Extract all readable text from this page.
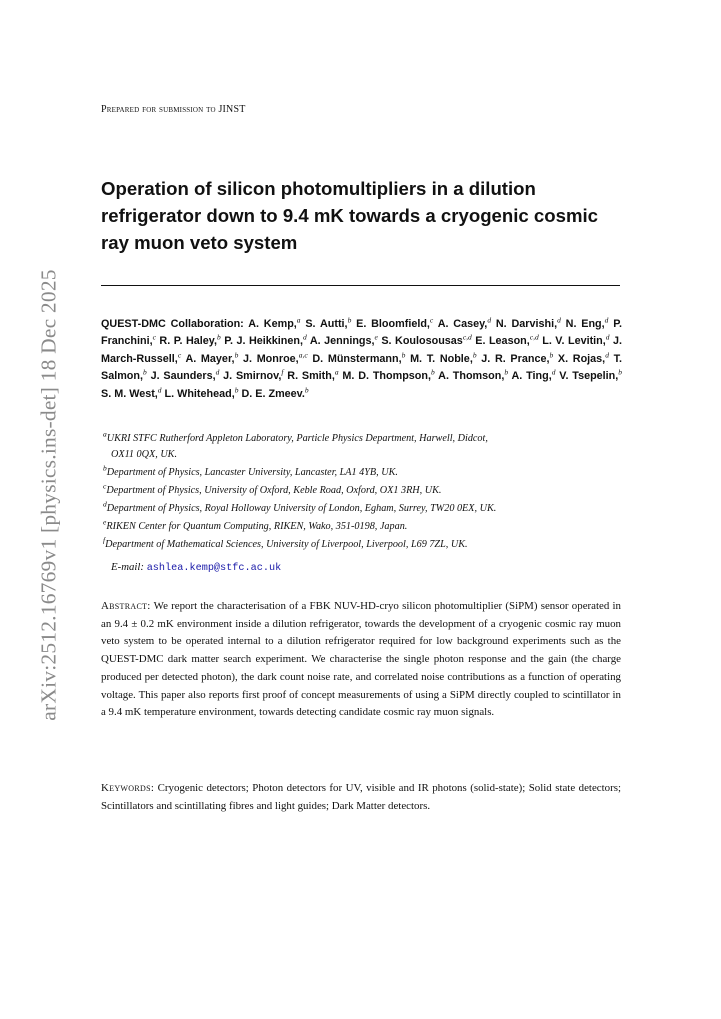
arXiv:2512.16769v1 [physics.ins-det] 18 Dec 2025
Prepared for submission to JINST
Operation of silicon photomultipliers in a dilution refrigerator down to 9.4 mK towards a cryogenic cosmic ray muon veto system
QUEST-DMC Collaboration: A. Kemp,$^a$ S. Autti,$^b$ E. Bloomfield,$^c$ A. Casey,$^d$ N. Darvishi,$^d$ N. Eng,$^d$ P. Franchini,$^c$ R. P. Haley,$^b$ P. J. Heikkinen,$^d$ A. Jennings,$^e$ S. Koulosousas$^{c,d}$ E. Leason,$^{c,d}$ L. V. Levitin,$^d$ J. March-Russell,$^c$ A. Mayer,$^b$ J. Monroe,$^{a,c}$ D. Münstermann,$^b$ M. T. Noble,$^b$ J. R. Prance,$^b$ X. Rojas,$^d$ T. Salmon,$^b$ J. Saunders,$^d$ J. Smirnov,$^f$ R. Smith,$^a$ M. D. Thompson,$^b$ A. Thomson,$^b$ A. Ting,$^d$ V. Tsepelin,$^b$ S. M. West,$^d$ L. Whitehead,$^b$ D. E. Zmeev.$^b$
$^a$UKRI STFC Rutherford Appleton Laboratory, Particle Physics Department, Harwell, Didcot,
OX11 0QX, UK.
$^b$Department of Physics, Lancaster University, Lancaster, LA1 4YB, UK.
$^c$Department of Physics, University of Oxford, Keble Road, Oxford, OX1 3RH, UK.
$^d$Department of Physics, Royal Holloway University of London, Egham, Surrey, TW20 0EX, UK.
$^e$RIKEN Center for Quantum Computing, RIKEN, Wako, 351-0198, Japan.
$^f$Department of Mathematical Sciences, University of Liverpool, Liverpool, L69 7ZL, UK.
E-mail: ashlea.kemp@stfc.ac.uk
Abstract: We report the characterisation of a FBK NUV-HD-cryo silicon photomultiplier (SiPM) sensor operated in an 9.4 ± 0.2 mK environment inside a dilution refrigerator, towards the development of a cryogenic cosmic ray muon veto system to be operated internal to a dilution refrigerator required for low background experiments such as the QUEST-DMC dark matter search experiment. We characterise the single photon response and the gain (the charge produced per detected photon), the dark count noise rate, and correlated noise contributions as a function of operating voltage. This paper also reports first proof of concept measurements of using a SiPM directly coupled to scintillator in a 9.4 mK temperature environment, towards detecting candidate cosmic ray muon signals.
Keywords: Cryogenic detectors; Photon detectors for UV, visible and IR photons (solid-state); Solid state detectors; Scintillators and scintillating fibres and light guides; Dark Matter detectors.
